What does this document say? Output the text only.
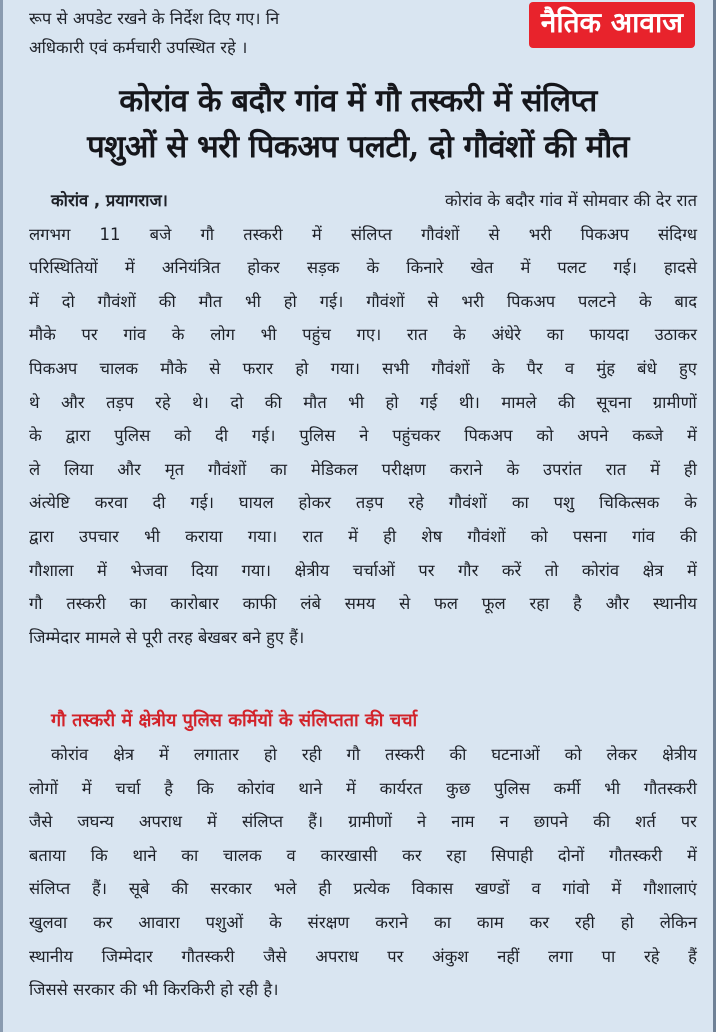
रूप से अपडेट रखने के निर्देश दिए गए। नि
अधिकारी एवं कर्मचारी उपस्थित रहे ।
नैतिक आवाज
कोरांव के बदौर गांव में गौ तस्करी में संलिप्त
पशुओं से भरी पिकअप पलटी, दो गौवंशों की मौत
कोरांव , प्रयागराज।	कोरांव के बदौर गांव में सोमवार की देर रात
लगभग 11 बजे गौ तस्करी में संलिप्त गौवंशों से भरी पिकअप संदिग्ध
परिस्थितियों में अनियंत्रित होकर सड़क के किनारे खेत में पलट गई। हादसे
में दो गौवंशों की मौत भी हो गई। गौवंशों से भरी पिकअप पलटने के बाद
मौके पर गांव के लोग भी पहुंच गए। रात के अंधेरे का फायदा उठाकर
पिकअप चालक मौके से फरार हो गया। सभी गौवंशों के पैर व मुंह बंधे हुए
थे और तड़प रहे थे। दो की मौत भी हो गई थी। मामले की सूचना ग्रामीणों
के द्वारा पुलिस को दी गई। पुलिस ने पहुंचकर पिकअप को अपने कब्जे में
ले लिया और मृत गौवंशों का मेडिकल परीक्षण कराने के उपरांत रात में ही
अंत्येष्टि करवा दी गई। घायल होकर तड़प रहे गौवंशों का पशु चिकित्सक के
द्वारा उपचार भी कराया गया। रात में ही शेष गौवंशों को पसना गांव की
गौशाला में भेजवा दिया गया। क्षेत्रीय चर्चाओं पर गौर करें तो कोरांव क्षेत्र में
गौ तस्करी का कारोबार काफी लंबे समय से फल फूल रहा है और स्थानीय
जिम्मेदार मामले से पूरी तरह बेखबर बने हुए हैं।
गौ तस्करी में क्षेत्रीय पुलिस कर्मियों के संलिप्तता की चर्चा
कोरांव क्षेत्र में लगातार हो रही गौ तस्करी की घटनाओं को लेकर क्षेत्रीय
लोगों में चर्चा है कि कोरांव थाने में कार्यरत कुछ पुलिस कर्मी भी गौतस्करी
जैसे जघन्य अपराध में संलिप्त हैं। ग्रामीणों ने नाम न छापने की शर्त पर
बताया कि थाने का चालक व कारखासी कर रहा सिपाही दोनों गौतस्करी में
संलिप्त हैं। सूबे की सरकार भले ही प्रत्येक विकास खण्डों व गांवो में गौशालाएं
खुलवा कर आवारा पशुओं के संरक्षण कराने का काम कर रही हो लेकिन
स्थानीय जिम्मेदार गौतस्करी जैसे अपराध पर अंकुश नहीं लगा पा रहे हैं
जिससे सरकार की भी किरकिरी हो रही है।
